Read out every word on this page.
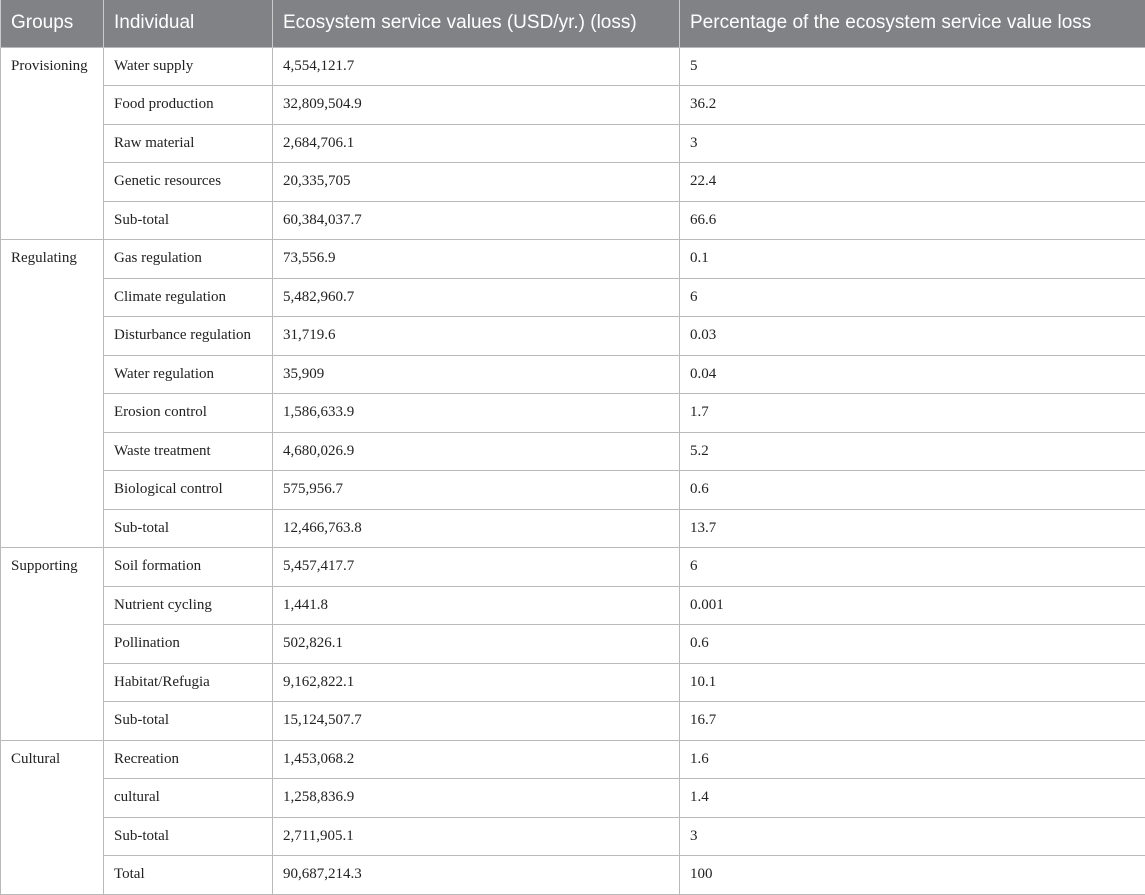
Groups	Individual	Ecosystem service values (USD/yr.) (loss)	Percentage of the ecosystem service value loss
Provisioning	Water supply	4,554,121.7	5
	Food production	32,809,504.9	36.2
	Raw material	2,684,706.1	3
	Genetic resources	20,335,705	22.4
	Sub-total	60,384,037.7	66.6
Regulating	Gas regulation	73,556.9	0.1
	Climate regulation	5,482,960.7	6
	Disturbance regulation	31,719.6	0.03
	Water regulation	35,909	0.04
	Erosion control	1,586,633.9	1.7
	Waste treatment	4,680,026.9	5.2
	Biological control	575,956.7	0.6
	Sub-total	12,466,763.8	13.7
Supporting	Soil formation	5,457,417.7	6
	Nutrient cycling	1,441.8	0.001
	Pollination	502,826.1	0.6
	Habitat/Refugia	9,162,822.1	10.1
	Sub-total	15,124,507.7	16.7
Cultural	Recreation	1,453,068.2	1.6
	cultural	1,258,836.9	1.4
	Sub-total	2,711,905.1	3
	Total	90,687,214.3	100
